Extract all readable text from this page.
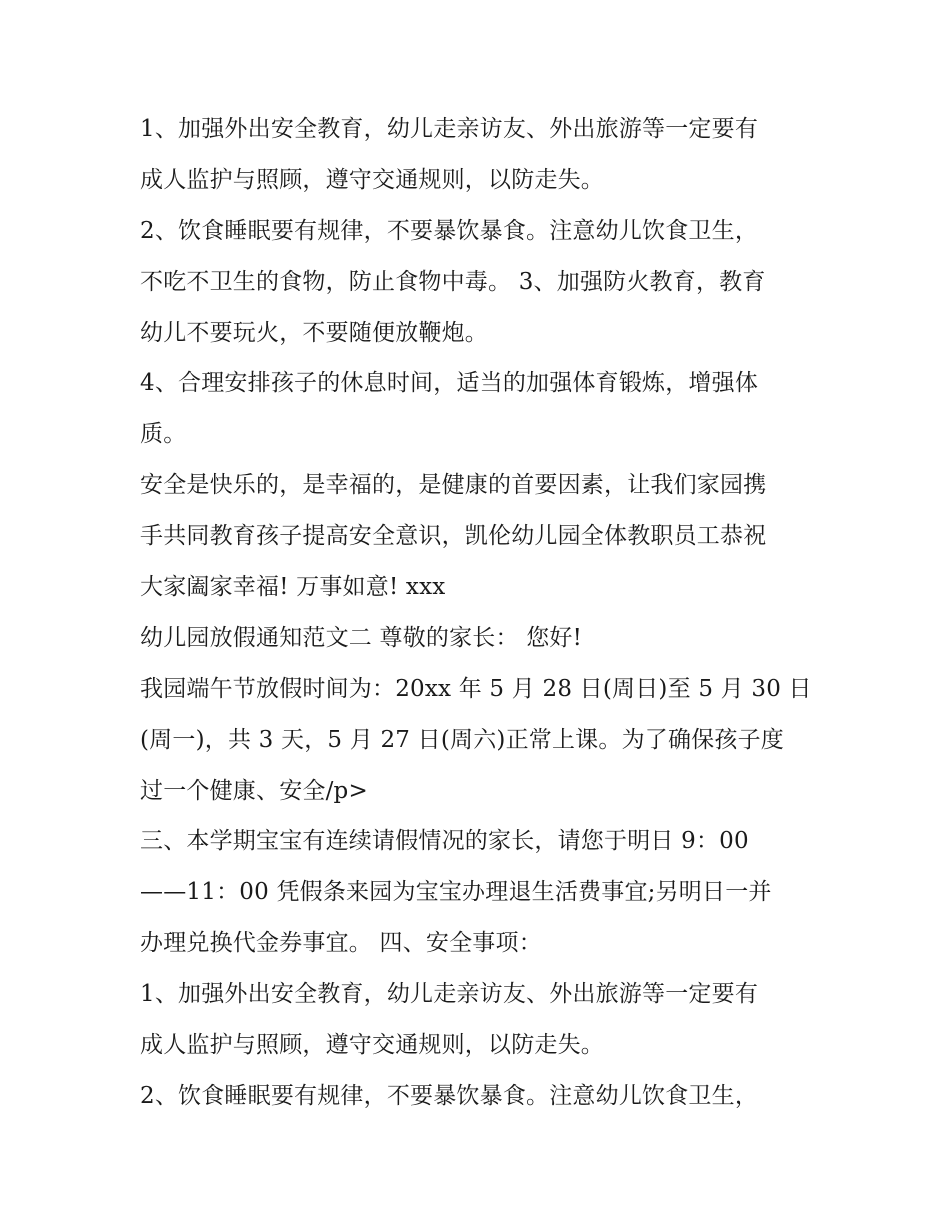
1、加强外出安全教育，幼儿走亲访友、外出旅游等一定要有
成人监护与照顾，遵守交通规则，以防走失。
2、饮食睡眠要有规律，不要暴饮暴食。注意幼儿饮食卫生，
不吃不卫生的食物，防止食物中毒。 3、加强防火教育，教育
幼儿不要玩火，不要随便放鞭炮。
4、合理安排孩子的休息时间，适当的加强体育锻炼，增强体
质。
安全是快乐的，是幸福的，是健康的首要因素，让我们家园携
手共同教育孩子提高安全意识，凯伦幼儿园全体教职员工恭祝
大家阖家幸福! 万事如意! xxx
幼儿园放假通知范文二 尊敬的家长： 您好!
我园端午节放假时间为：20xx 年 5 月 28 日(周日)至 5 月 30 日
(周一)，共 3 天，5 月 27 日(周六)正常上课。为了确保孩子度
过一个健康、安全/p>
三、本学期宝宝有连续请假情况的家长，请您于明日 9：00
——11：00 凭假条来园为宝宝办理退生活费事宜;另明日一并
办理兑换代金券事宜。 四、安全事项：
1、加强外出安全教育，幼儿走亲访友、外出旅游等一定要有
成人监护与照顾，遵守交通规则，以防走失。
2、饮食睡眠要有规律，不要暴饮暴食。注意幼儿饮食卫生，
